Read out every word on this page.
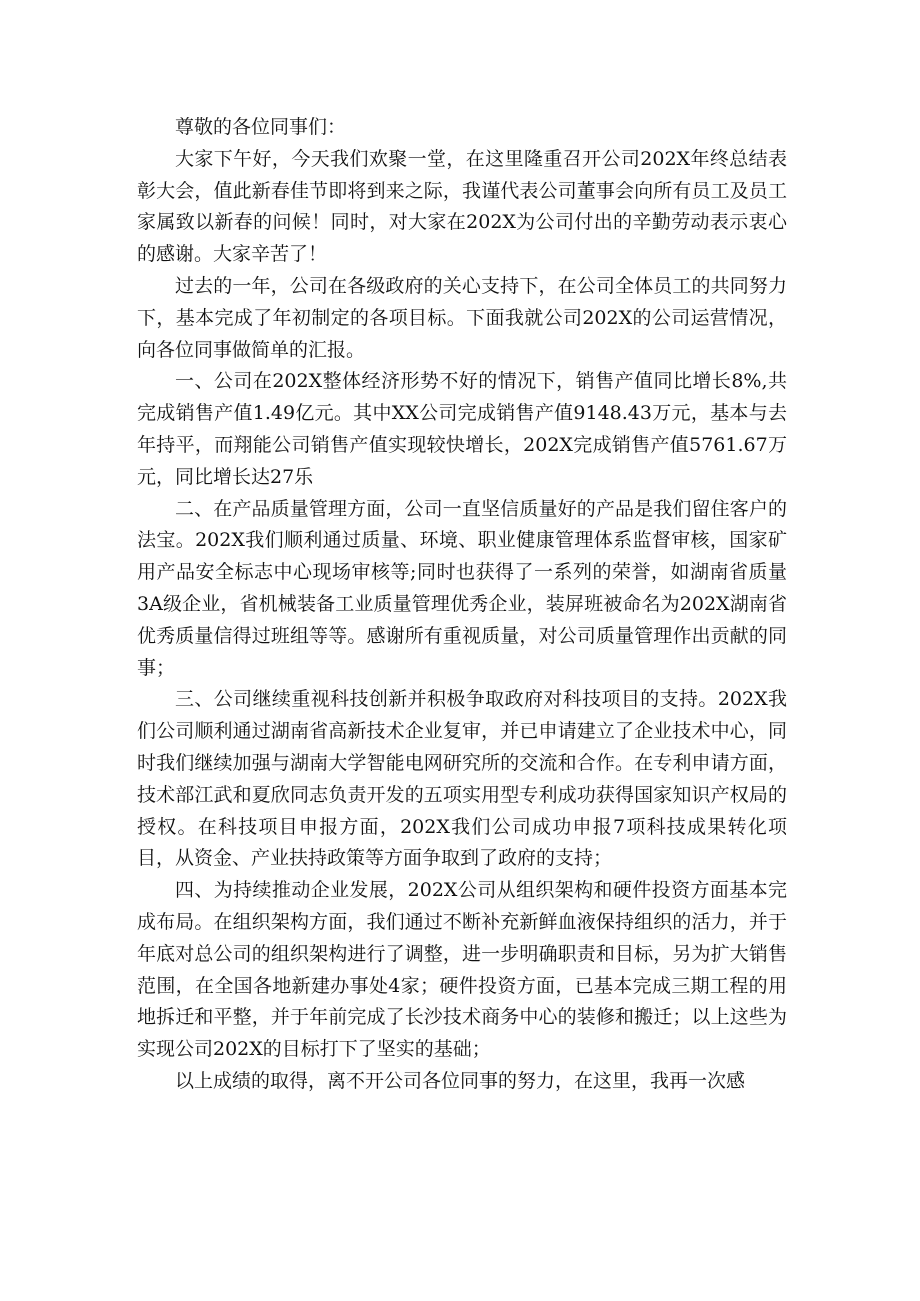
尊敬的各位同事们：

大家下午好，今天我们欢聚一堂，在这里隆重召开公司202X年终总结表彰大会，值此新春佳节即将到来之际，我谨代表公司董事会向所有员工及员工家属致以新春的问候！同时，对大家在202X为公司付出的辛勤劳动表示衷心的感谢。大家辛苦了！

过去的一年，公司在各级政府的关心支持下，在公司全体员工的共同努力下，基本完成了年初制定的各项目标。下面我就公司202X的公司运营情况，向各位同事做简单的汇报。

一、公司在202X整体经济形势不好的情况下，销售产值同比增长8%,共完成销售产值1.49亿元。其中XX公司完成销售产值9148.43万元，基本与去年持平，而翔能公司销售产值实现较快增长，202X完成销售产值5761.67万元，同比增长达27乐

二、在产品质量管理方面，公司一直坚信质量好的产品是我们留住客户的法宝。202X我们顺利通过质量、环境、职业健康管理体系监督审核，国家矿用产品安全标志中心现场审核等;同时也获得了一系列的荣誉，如湖南省质量3A级企业，省机械装备工业质量管理优秀企业，装屏班被命名为202X湖南省优秀质量信得过班组等等。感谢所有重视质量，对公司质量管理作出贡献的同事；

三、公司继续重视科技创新并积极争取政府对科技项目的支持。202X我们公司顺利通过湖南省高新技术企业复审，并已申请建立了企业技术中心，同时我们继续加强与湖南大学智能电网研究所的交流和合作。在专利申请方面，技术部江武和夏欣同志负责开发的五项实用型专利成功获得国家知识产权局的授权。在科技项目申报方面，202X我们公司成功申报7项科技成果转化项目，从资金、产业扶持政策等方面争取到了政府的支持；

四、为持续推动企业发展，202X公司从组织架构和硬件投资方面基本完成布局。在组织架构方面，我们通过不断补充新鲜血液保持组织的活力，并于年底对总公司的组织架构进行了调整，进一步明确职责和目标，另为扩大销售范围，在全国各地新建办事处4家；硬件投资方面，已基本完成三期工程的用地拆迁和平整，并于年前完成了长沙技术商务中心的装修和搬迁；以上这些为实现公司202X的目标打下了坚实的基础；

以上成绩的取得，离不开公司各位同事的努力，在这里，我再一次感
